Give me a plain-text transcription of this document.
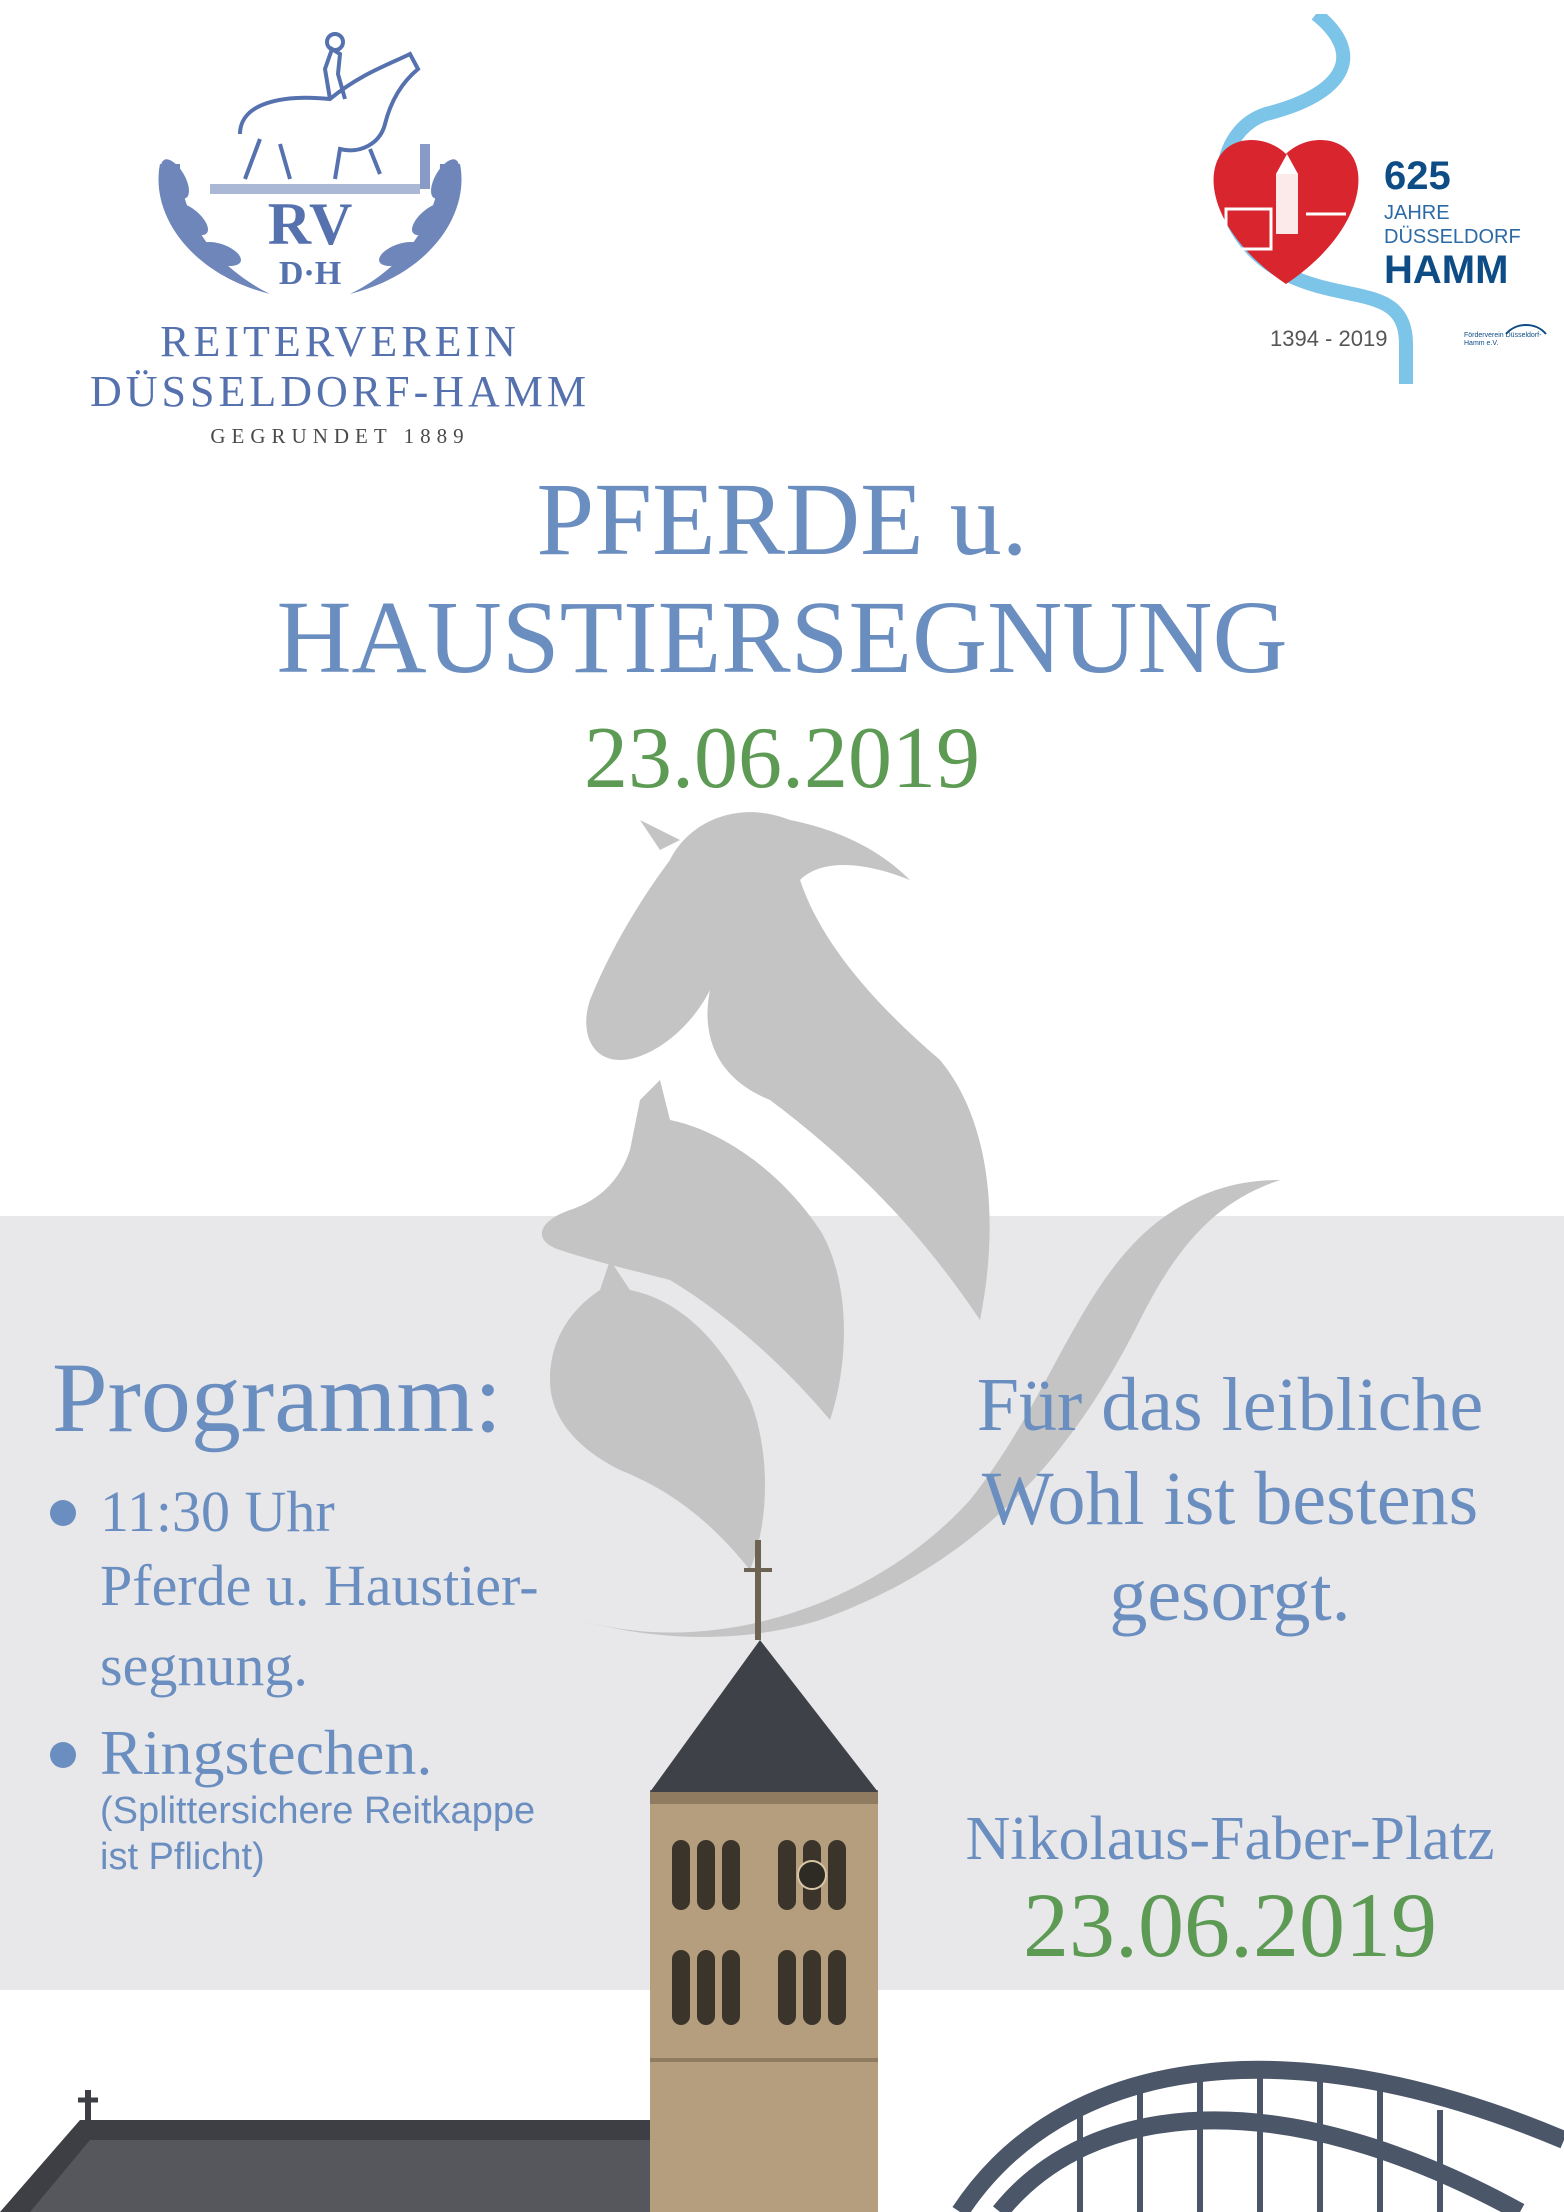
RV
D·H
REITERVEREIN
DÜSSELDORF-HAMM
GEGRUNDET 1889
625
JAHRE
DÜSSELDORF
HAMM
1394 - 2019	Förderverein Düsseldorf-Hamm e.V.
PFERDE u.
HAUSTIERSEGNUNG
23.06.2019
Programm:
11:30 Uhr
Pferde u. Haustier-
segnung.
Ringstechen.
(Splittersichere Reitkappe
ist Pflicht)
Für das leibliche
Wohl ist bestens
gesorgt.
Nikolaus-Faber-Platz
23.06.2019
